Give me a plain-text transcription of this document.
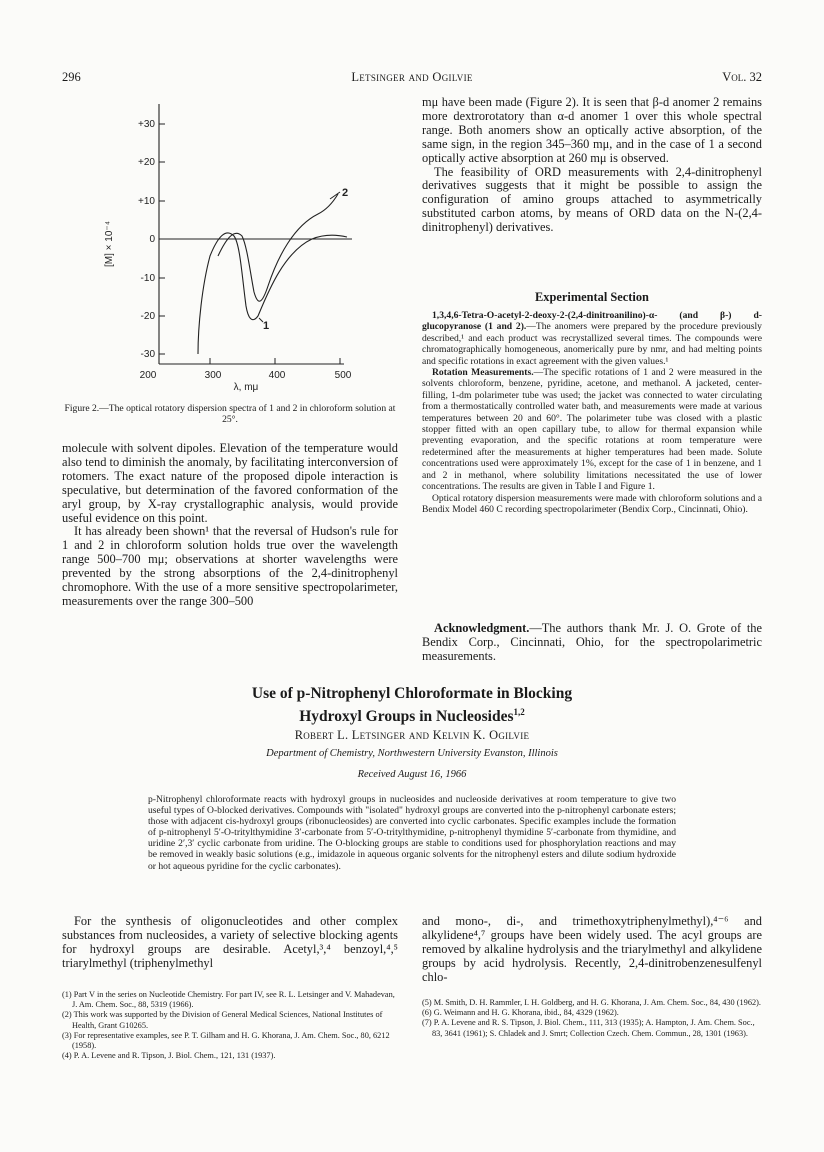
296	Letsinger and Ogilvie	Vol. 32
+30
+20
+10
0
-10
-20
-30
200	300	400	500
λ, mμ
[M] × 10⁻⁴
2
1
Figure 2.—The optical rotatory dispersion spectra of 1 and 2 in chloroform solution at 25°.

molecule with solvent dipoles. Elevation of the temperature would also tend to diminish the anomaly, by facilitating interconversion of rotomers. The exact nature of the proposed dipole interaction is speculative, but determination of the favored conformation of the aryl group, by X-ray crystallographic analysis, would provide useful evidence on this point.

It has already been shown¹ that the reversal of Hudson's rule for 1 and 2 in chloroform solution holds true over the wavelength range 500–700 mμ; observations at shorter wavelengths were prevented by the strong absorptions of the 2,4-dinitrophenyl chromophore. With the use of a more sensitive spectropolarimeter, measurements over the range 300–500

mμ have been made (Figure 2). It is seen that β-d anomer 2 remains more dextrorotatory than α-d anomer 1 over this whole spectral range. Both anomers show an optically active absorption, of the same sign, in the region 345–360 mμ, and in the case of 1 a second optically active absorption at 260 mμ is observed.

The feasibility of ORD measurements with 2,4-dinitrophenyl derivatives suggests that it might be possible to assign the configuration of amino groups attached to asymmetrically substituted carbon atoms, by means of ORD data on the N-(2,4-dinitrophenyl) derivatives.

Experimental Section

1,3,4,6-Tetra-O-acetyl-2-deoxy-2-(2,4-dinitroanilino)-α- (and β-) d-glucopyranose (1 and 2).—The anomers were prepared by the procedure previously described,¹ and each product was recrystallized several times. The compounds were chromatographically homogeneous, anomerically pure by nmr, and had melting points and specific rotations in exact agreement with the given values.¹

Rotation Measurements.—The specific rotations of 1 and 2 were measured in the solvents chloroform, benzene, pyridine, acetone, and methanol. A jacketed, center-filling, 1-dm polarimeter tube was used; the jacket was connected to water circulating from a thermostatically controlled water bath, and measurements were made at various temperatures between 20 and 60°. The polarimeter tube was closed with a plastic stopper fitted with an open capillary tube, to allow for thermal expansion while preventing evaporation, and the specific rotations at room temperature were redetermined after the measurements at higher temperatures had been made. Solute concentrations used were approximately 1%, except for the case of 1 in benzene, and 1 and 2 in methanol, where solubility limitations necessitated the use of lower concentrations. The results are given in Table I and Figure 1.

Optical rotatory dispersion measurements were made with chloroform solutions and a Bendix Model 460 C recording spectropolarimeter (Bendix Corp., Cincinnati, Ohio).

Acknowledgment.—The authors thank Mr. J. O. Grote of the Bendix Corp., Cincinnati, Ohio, for the spectropolarimetric measurements.

Use of p-Nitrophenyl Chloroformate in Blocking
Hydroxyl Groups in Nucleosides$^{1,2}$
Robert L. Letsinger and Kelvin K. Ogilvie
Department of Chemistry, Northwestern University Evanston, Illinois
Received August 16, 1966
p-Nitrophenyl chloroformate reacts with hydroxyl groups in nucleosides and nucleoside derivatives at room temperature to give two useful types of O-blocked derivatives. Compounds with "isolated" hydroxyl groups are converted into the p-nitrophenyl carbonate esters; those with adjacent cis-hydroxyl groups (ribonucleosides) are converted into cyclic carbonates. Specific examples include the formation of p-nitrophenyl 5′-O-tritylthymidine 3′-carbonate from 5′-O-tritylthymidine, p-nitrophenyl thymidine 5′-carbonate from thymidine, and uridine 2′,3′ cyclic carbonate from uridine. The O-blocking groups are stable to conditions used for phosphorylation reactions and may be removed in weakly basic solutions (e.g., imidazole in aqueous organic solvents for the nitrophenyl esters and dilute sodium hydroxide or hot aqueous pyridine for the cyclic carbonates).

For the synthesis of oligonucleotides and other complex substances from nucleosides, a variety of selective blocking agents for hydroxyl groups are desirable. Acetyl,³,⁴ benzoyl,⁴,⁵ triarylmethyl (triphenylmethyl

and mono-, di-, and trimethoxytriphenylmethyl),⁴⁻⁶ and alkylidene⁴,⁷ groups have been widely used. The acyl groups are removed by alkaline hydrolysis and the triarylmethyl and alkylidene groups by acid hydrolysis. Recently, 2,4-dinitrobenzenesulfenyl chlo-

(1) Part V in the series on Nucleotide Chemistry. For part IV, see R. L. Letsinger and V. Mahadevan, J. Am. Chem. Soc., 88, 5319 (1966).

(2) This work was supported by the Division of General Medical Sciences, National Institutes of Health, Grant G10265.

(3) For representative examples, see P. T. Gilham and H. G. Khorana, J. Am. Chem. Soc., 80, 6212 (1958).

(4) P. A. Levene and R. Tipson, J. Biol. Chem., 121, 131 (1937).

(5) M. Smith, D. H. Rammler, I. H. Goldberg, and H. G. Khorana, J. Am. Chem. Soc., 84, 430 (1962).

(6) G. Weimann and H. G. Khorana, ibid., 84, 4329 (1962).

(7) P. A. Levene and R. S. Tipson, J. Biol. Chem., 111, 313 (1935); A. Hampton, J. Am. Chem. Soc., 83, 3641 (1961); S. Chladek and J. Smrt; Collection Czech. Chem. Commun., 28, 1301 (1963).
